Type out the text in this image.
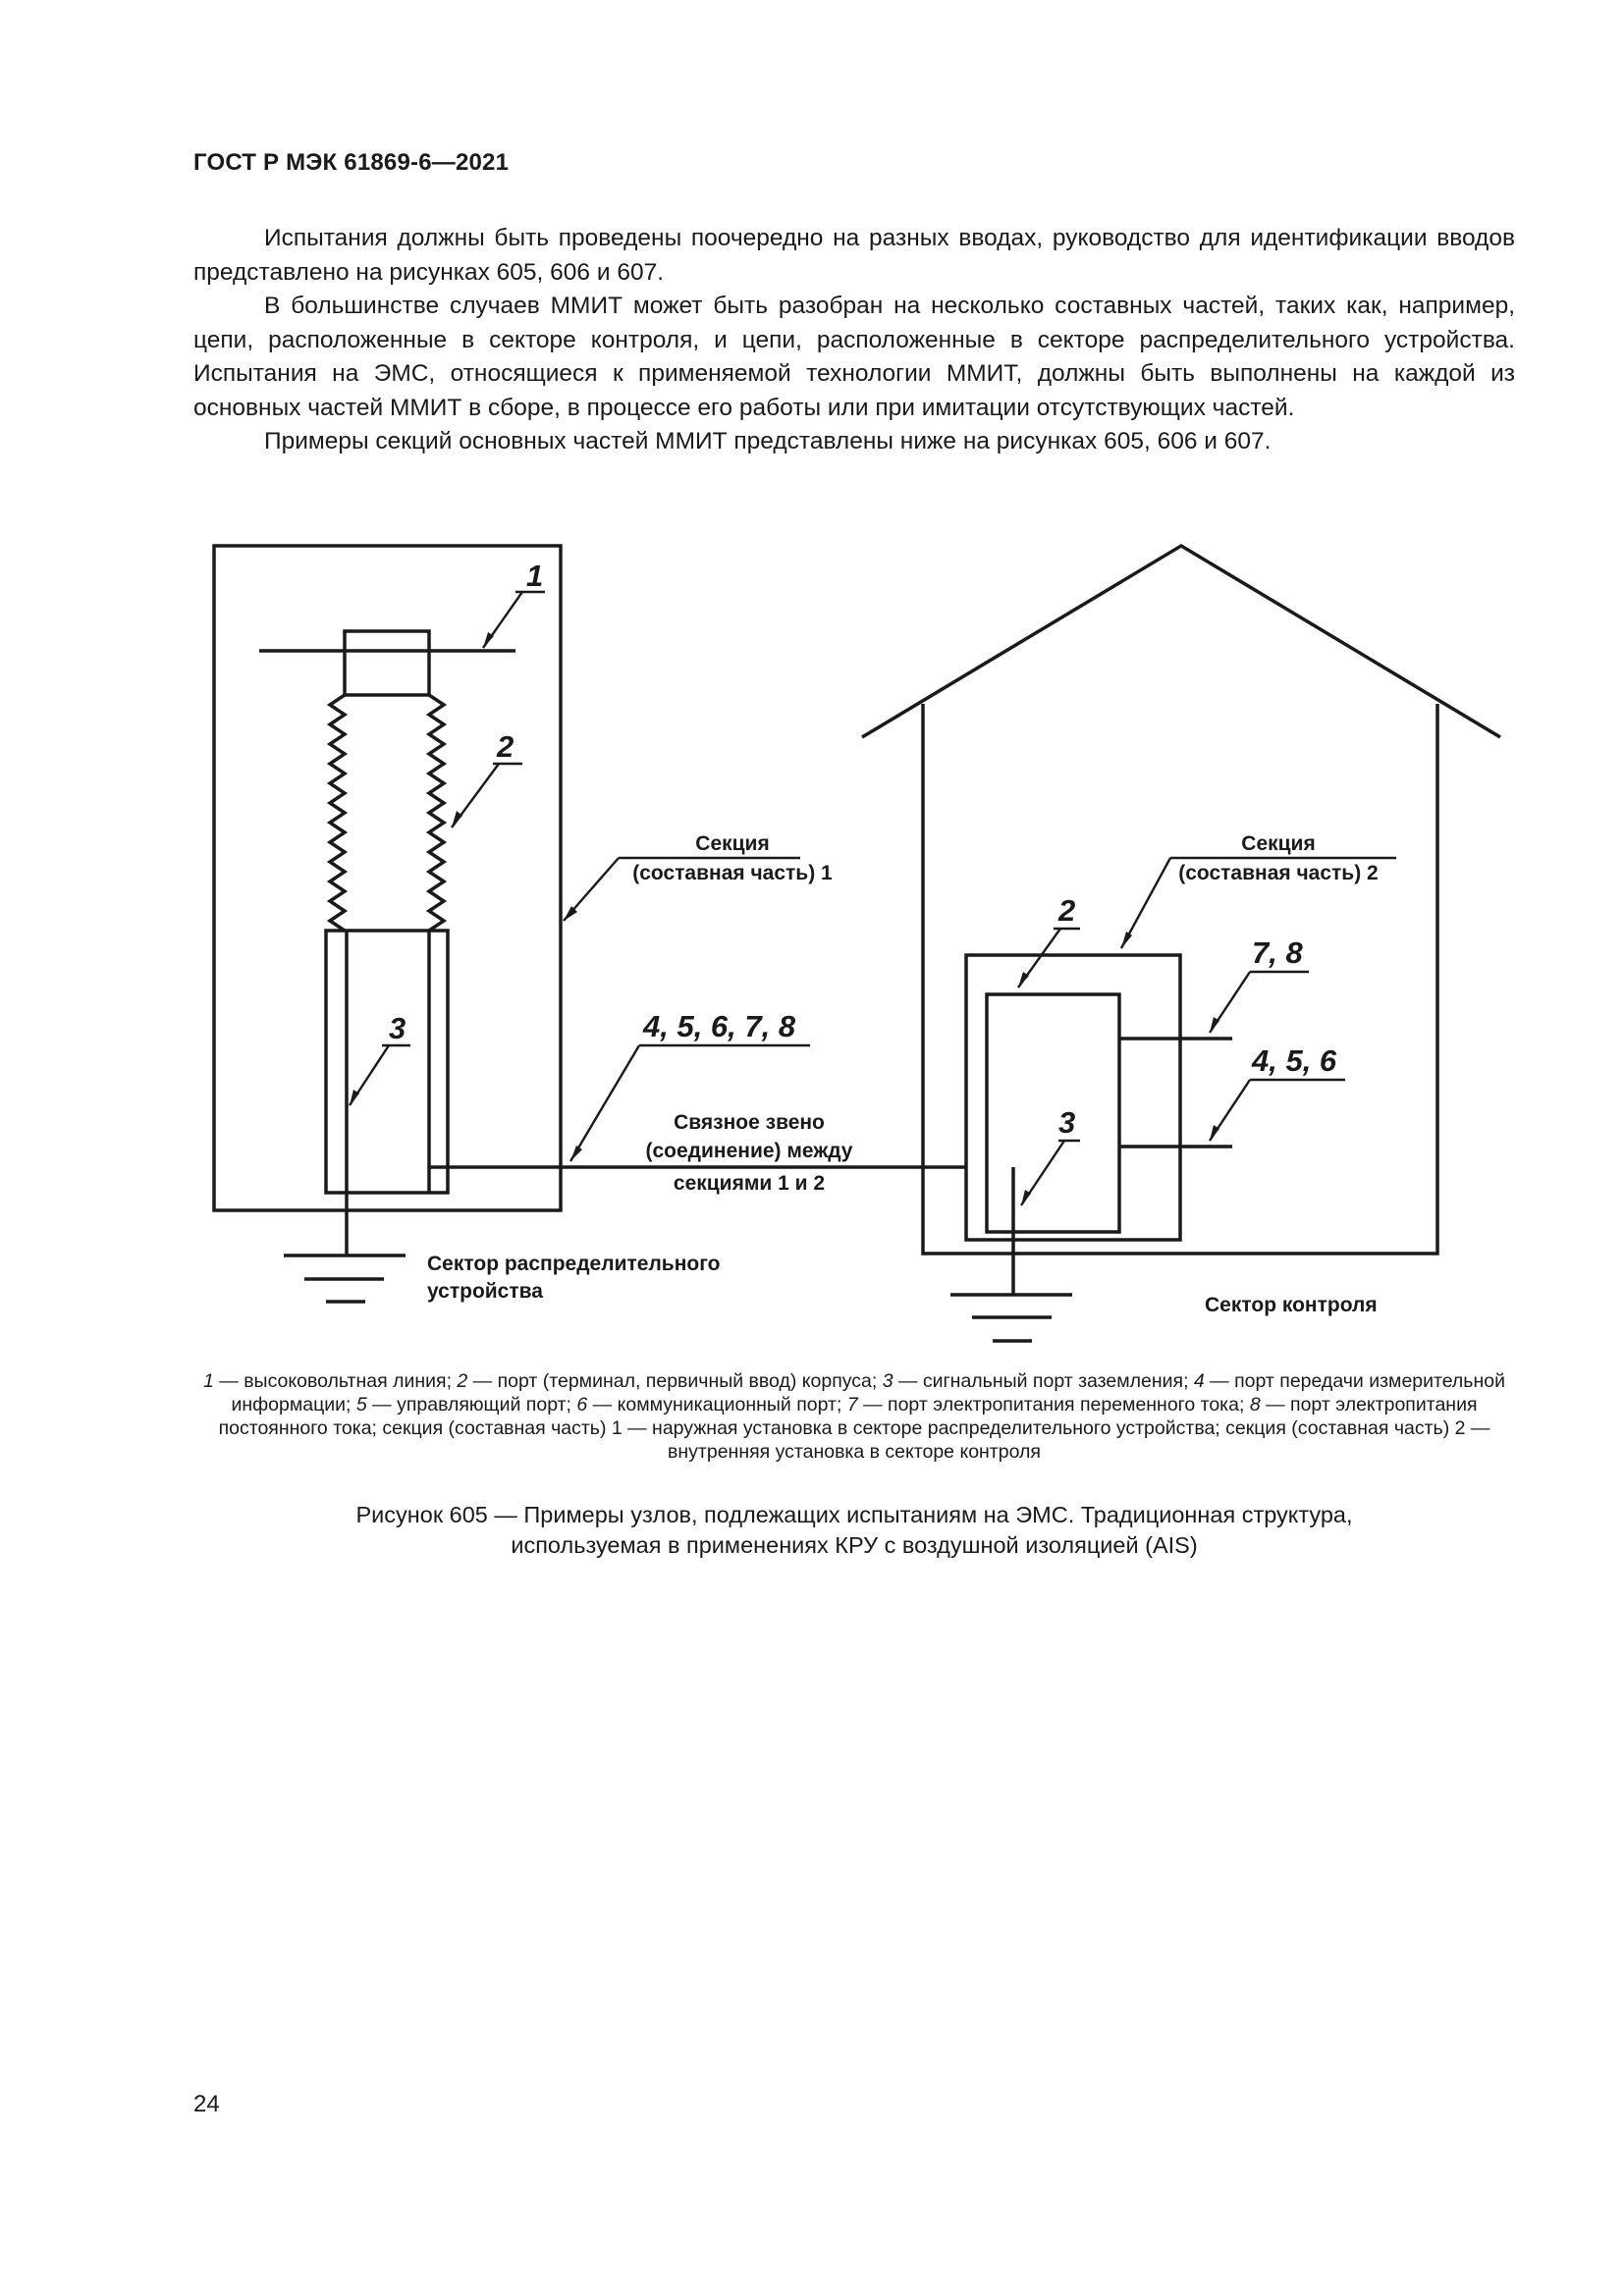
ГОСТ Р МЭК 61869-6—2021

Испытания должны быть проведены поочередно на разных вводах, руководство для идентификации вводов представлено на рисунках 605, 606 и 607.

В большинстве случаев ММИТ может быть разобран на несколько составных частей, таких как, например, цепи, расположенные в секторе контроля, и цепи, расположенные в секторе распределительного устройства. Испытания на ЭМС, относящиеся к применяемой технологии ММИТ, должны быть выполнены на каждой из основных частей ММИТ в сборе, в процессе его работы или при имитации отсутствующих частей.

Примеры секций основных частей ММИТ представлены ниже на рисунках 605, 606 и 607.

1
2
3	4, 5, 6, 7, 8
2
7, 8
4, 5, 6
3
Секция
(составная часть) 1
Секция
(составная часть) 2
Связное звено
(соединение) между
секциями 1 и 2
Сектор распределительного
устройства
Сектор контроля
1 — высоковольтная линия; 2 — порт (терминал, первичный ввод) корпуса; 3 — сигнальный порт заземления; 4 — порт передачи измерительной информации; 5 — управляющий порт; 6 — коммуникационный порт; 7 — порт электропитания переменного тока; 8 — порт электропитания постоянного тока; секция (составная часть) 1 — наружная установка в секторе распределительного устройства; секция (составная часть) 2 — внутренняя установка в секторе контроля
Рисунок 605 — Примеры узлов, подлежащих испытаниям на ЭМС. Традиционная структура,
используемая в применениях КРУ с воздушной изоляцией (AIS)
24
